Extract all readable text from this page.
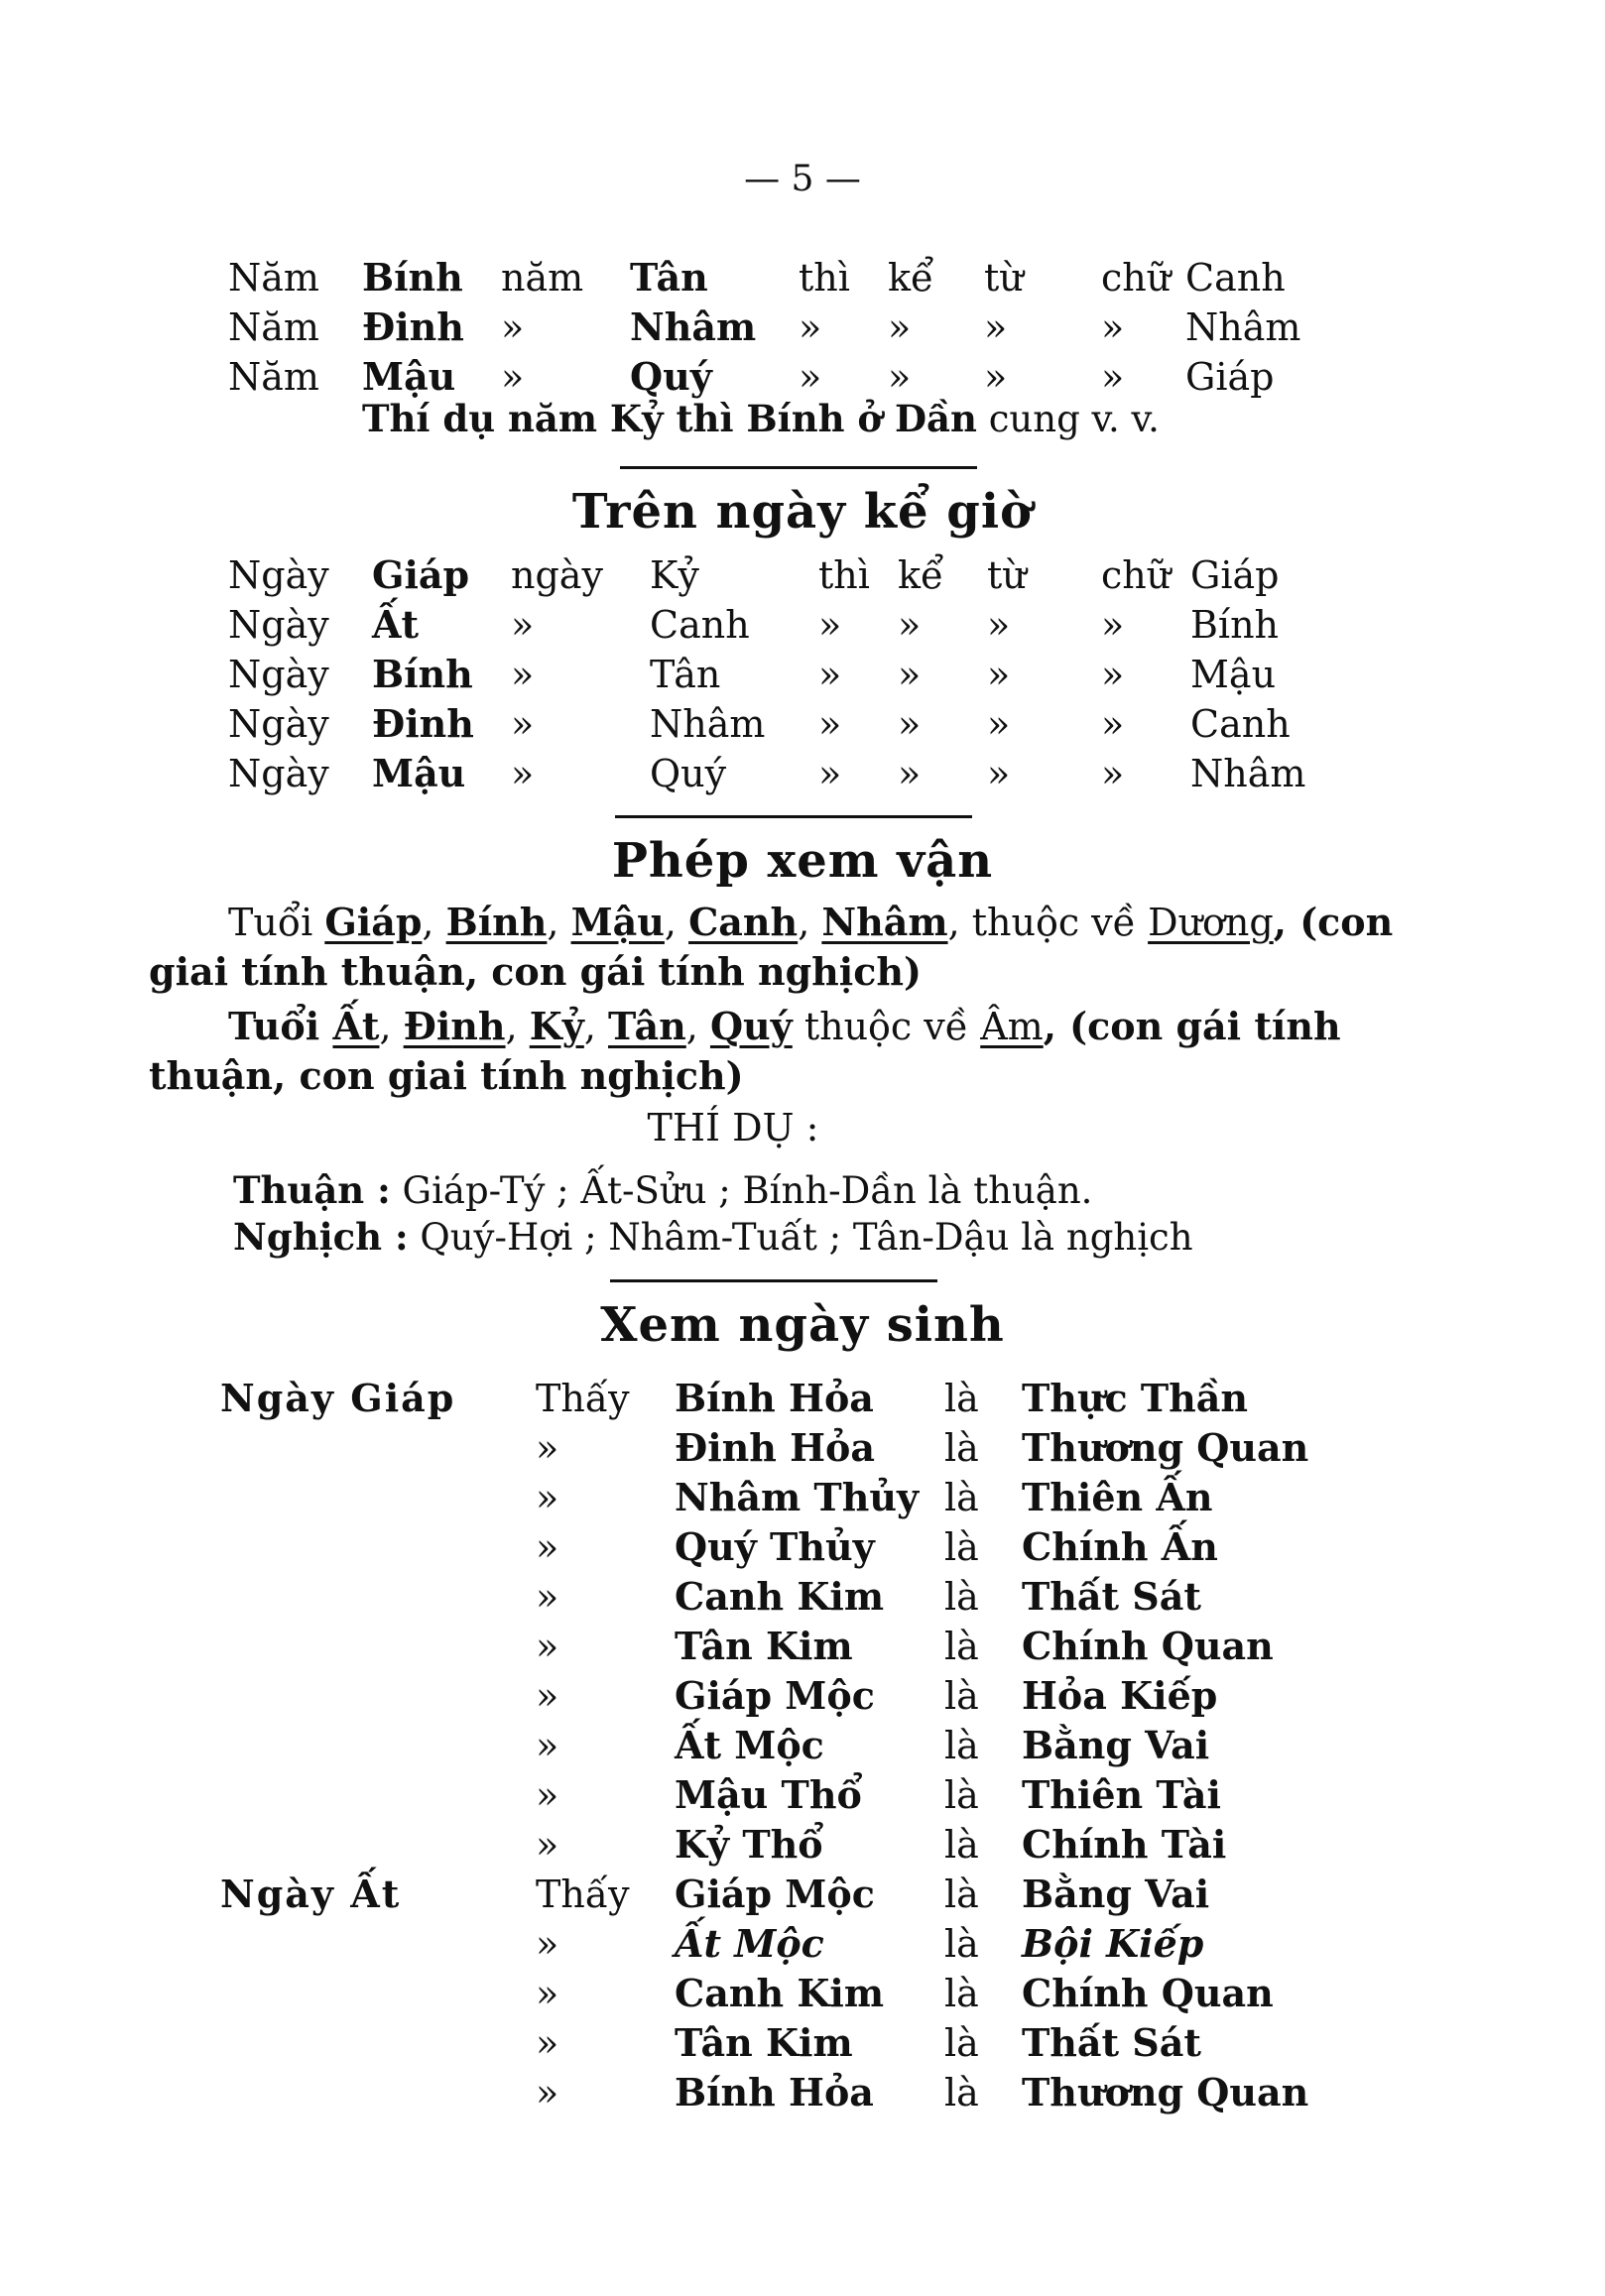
— 5 —
Năm Bính năm Tân thì kể từ chữ Canh
Năm Đinh »	Nhâm » » » » Nhâm
Năm Mậu »	Quý » » » » Giáp
Thí dụ năm Kỷ thì Bính ở Dần cung v. v.
Trên ngày kể giờ
Ngày Giáp ngày Kỷ	thì kể từ chữ Giáp
Ngày Ất »	Canh » » » » Bính
Ngày Bính »	Tân	» » » » Mậu
Ngày Đinh »	Nhâm » » » » Canh
Ngày Mậu »	Quý » » » » Nhâm
Phép xem vận
Tuổi Giáp, Bính, Mậu, Canh, Nhâm, thuộc về Dương, (con giai tính thuận, con gái tính nghịch)
Tuổi Ất, Đinh, Kỷ, Tân, Quý thuộc về Âm, (con gái tính thuận, con giai tính nghịch)
THÍ DỤ :
Thuận : Giáp-Tý ; Ất-Sửu ; Bính-Dần là thuận.
Nghịch : Quý-Hợi ; Nhâm-Tuất ; Tân-Dậu là nghịch
Xem ngày sinh
Ngày Giáp Thấy Bính Hỏa là Thực Thần
»	Đinh Hỏa là Thương Quan
»	Nhâm Thủy là Thiên Ấn
»	Quý Thủy là Chính Ấn
»	Canh Kim là Thất Sát
»	Tân Kim là Chính Quan
»	Giáp Mộc là Hỏa Kiếp
»	Ất Mộc	là Bằng Vai
»	Mậu Thổ là Thiên Tài
»	Kỷ Thổ	là Chính Tài
Ngày Ất	Thấy Giáp Mộc là Bằng Vai
»	Ất Mộc	là Bội Kiếp
»	Canh Kim là Chính Quan
»	Tân Kim là Thất Sát
»	Bính Hỏa là Thương Quan
